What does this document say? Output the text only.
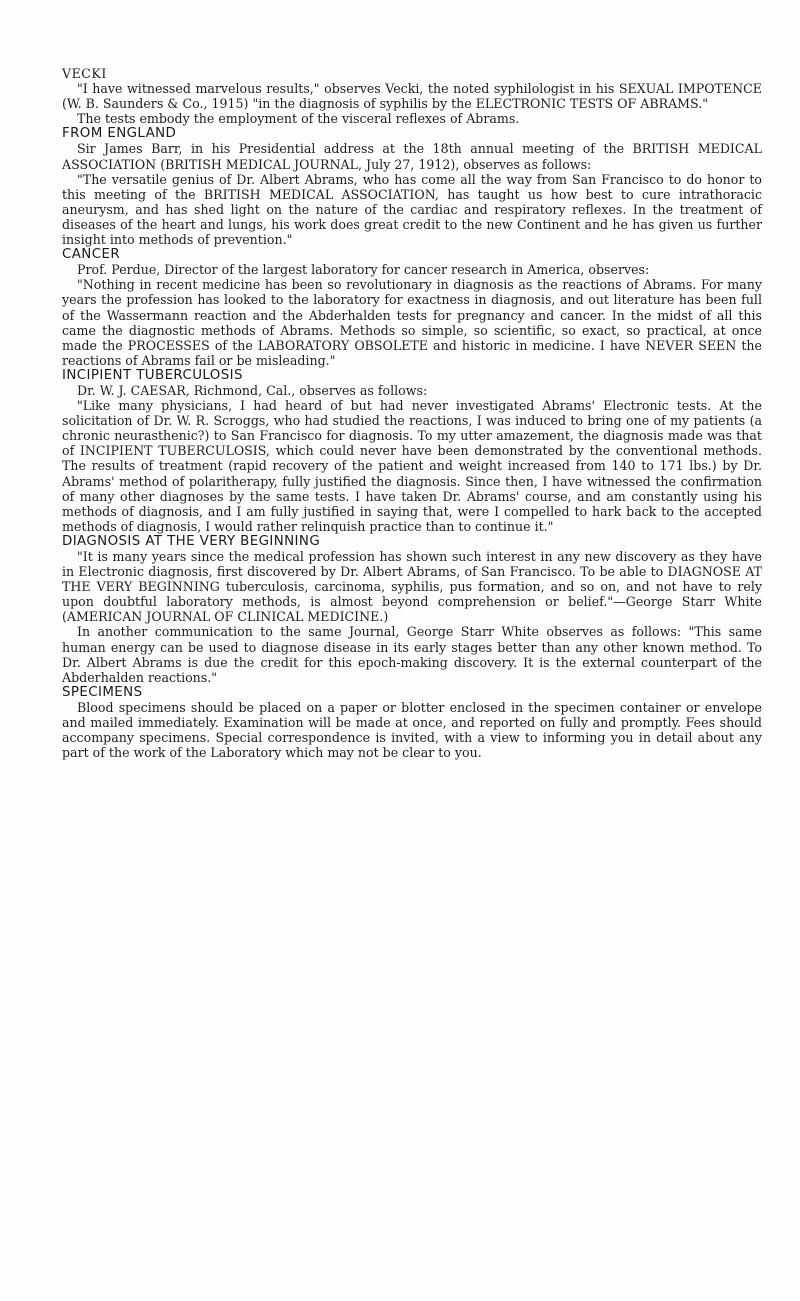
VECKI

"I have witnessed marvelous results," observes Vecki, the noted syphilologist in his SEXUAL IMPOTENCE (W. B. Saunders & Co., 1915) "in the diagnosis of syphilis by the ELECTRONIC TESTS OF ABRAMS."

The tests embody the employment of the visceral reflexes of Abrams.

FROM ENGLAND

Sir James Barr, in his Presidential address at the 18th annual meeting of the BRITISH MEDICAL ASSOCIATION (BRITISH MEDICAL JOURNAL, July 27, 1912), observes as follows:

"The versatile genius of Dr. Albert Abrams, who has come all the way from San Francisco to do honor to this meeting of the BRITISH MEDICAL ASSOCIATION, has taught us how best to cure intrathoracic aneurysm, and has shed light on the nature of the cardiac and respiratory reflexes. In the treatment of diseases of the heart and lungs, his work does great credit to the new Continent and he has given us further insight into methods of prevention."

CANCER

Prof. Perdue, Director of the largest laboratory for cancer research in America, observes:

"Nothing in recent medicine has been so revolutionary in diagnosis as the reactions of Abrams. For many years the profession has looked to the laboratory for exactness in diagnosis, and out literature has been full of the Wassermann reaction and the Abderhalden tests for pregnancy and cancer. In the midst of all this came the diagnostic methods of Abrams. Methods so simple, so scientific, so exact, so practical, at once made the PROCESSES of the LABORATORY OBSOLETE and historic in medicine. I have NEVER SEEN the reactions of Abrams fail or be misleading."

INCIPIENT TUBERCULOSIS

Dr. W. J. CAESAR, Richmond, Cal., observes as follows:

"Like many physicians, I had heard of but had never investigated Abrams' Electronic tests. At the solicitation of Dr. W. R. Scroggs, who had studied the reactions, I was induced to bring one of my patients (a chronic neurasthenic?) to San Francisco for diagnosis. To my utter amazement, the diagnosis made was that of INCIPIENT TUBERCULOSIS, which could never have been demonstrated by the conventional methods. The results of treatment (rapid recovery of the patient and weight increased from 140 to 171 lbs.) by Dr. Abrams' method of polaritherapy, fully justified the diagnosis. Since then, I have witnessed the confirmation of many other diagnoses by the same tests. I have taken Dr. Abrams' course, and am constantly using his methods of diagnosis, and I am fully justified in saying that, were I compelled to hark back to the accepted methods of diagnosis, I would rather relinquish practice than to continue it."

DIAGNOSIS AT THE VERY BEGINNING

"It is many years since the medical profession has shown such interest in any new discovery as they have in Electronic diagnosis, first discovered by Dr. Albert Abrams, of San Francisco. To be able to DIAGNOSE AT THE VERY BEGINNING tuberculosis, carcinoma, syphilis, pus formation, and so on, and not have to rely upon doubtful laboratory methods, is almost beyond comprehension or belief."—George Starr White (AMERICAN JOURNAL OF CLINICAL MEDICINE.)

In another communication to the same Journal, George Starr White observes as follows: "This same human energy can be used to diagnose disease in its early stages better than any other known method. To Dr. Albert Abrams is due the credit for this epoch-making discovery. It is the external counterpart of the Abderhalden reactions."

SPECIMENS

Blood specimens should be placed on a paper or blotter enclosed in the specimen container or envelope and mailed immediately. Examination will be made at once, and reported on fully and promptly. Fees should accompany specimens. Special correspondence is invited, with a view to informing you in detail about any part of the work of the Laboratory which may not be clear to you.
